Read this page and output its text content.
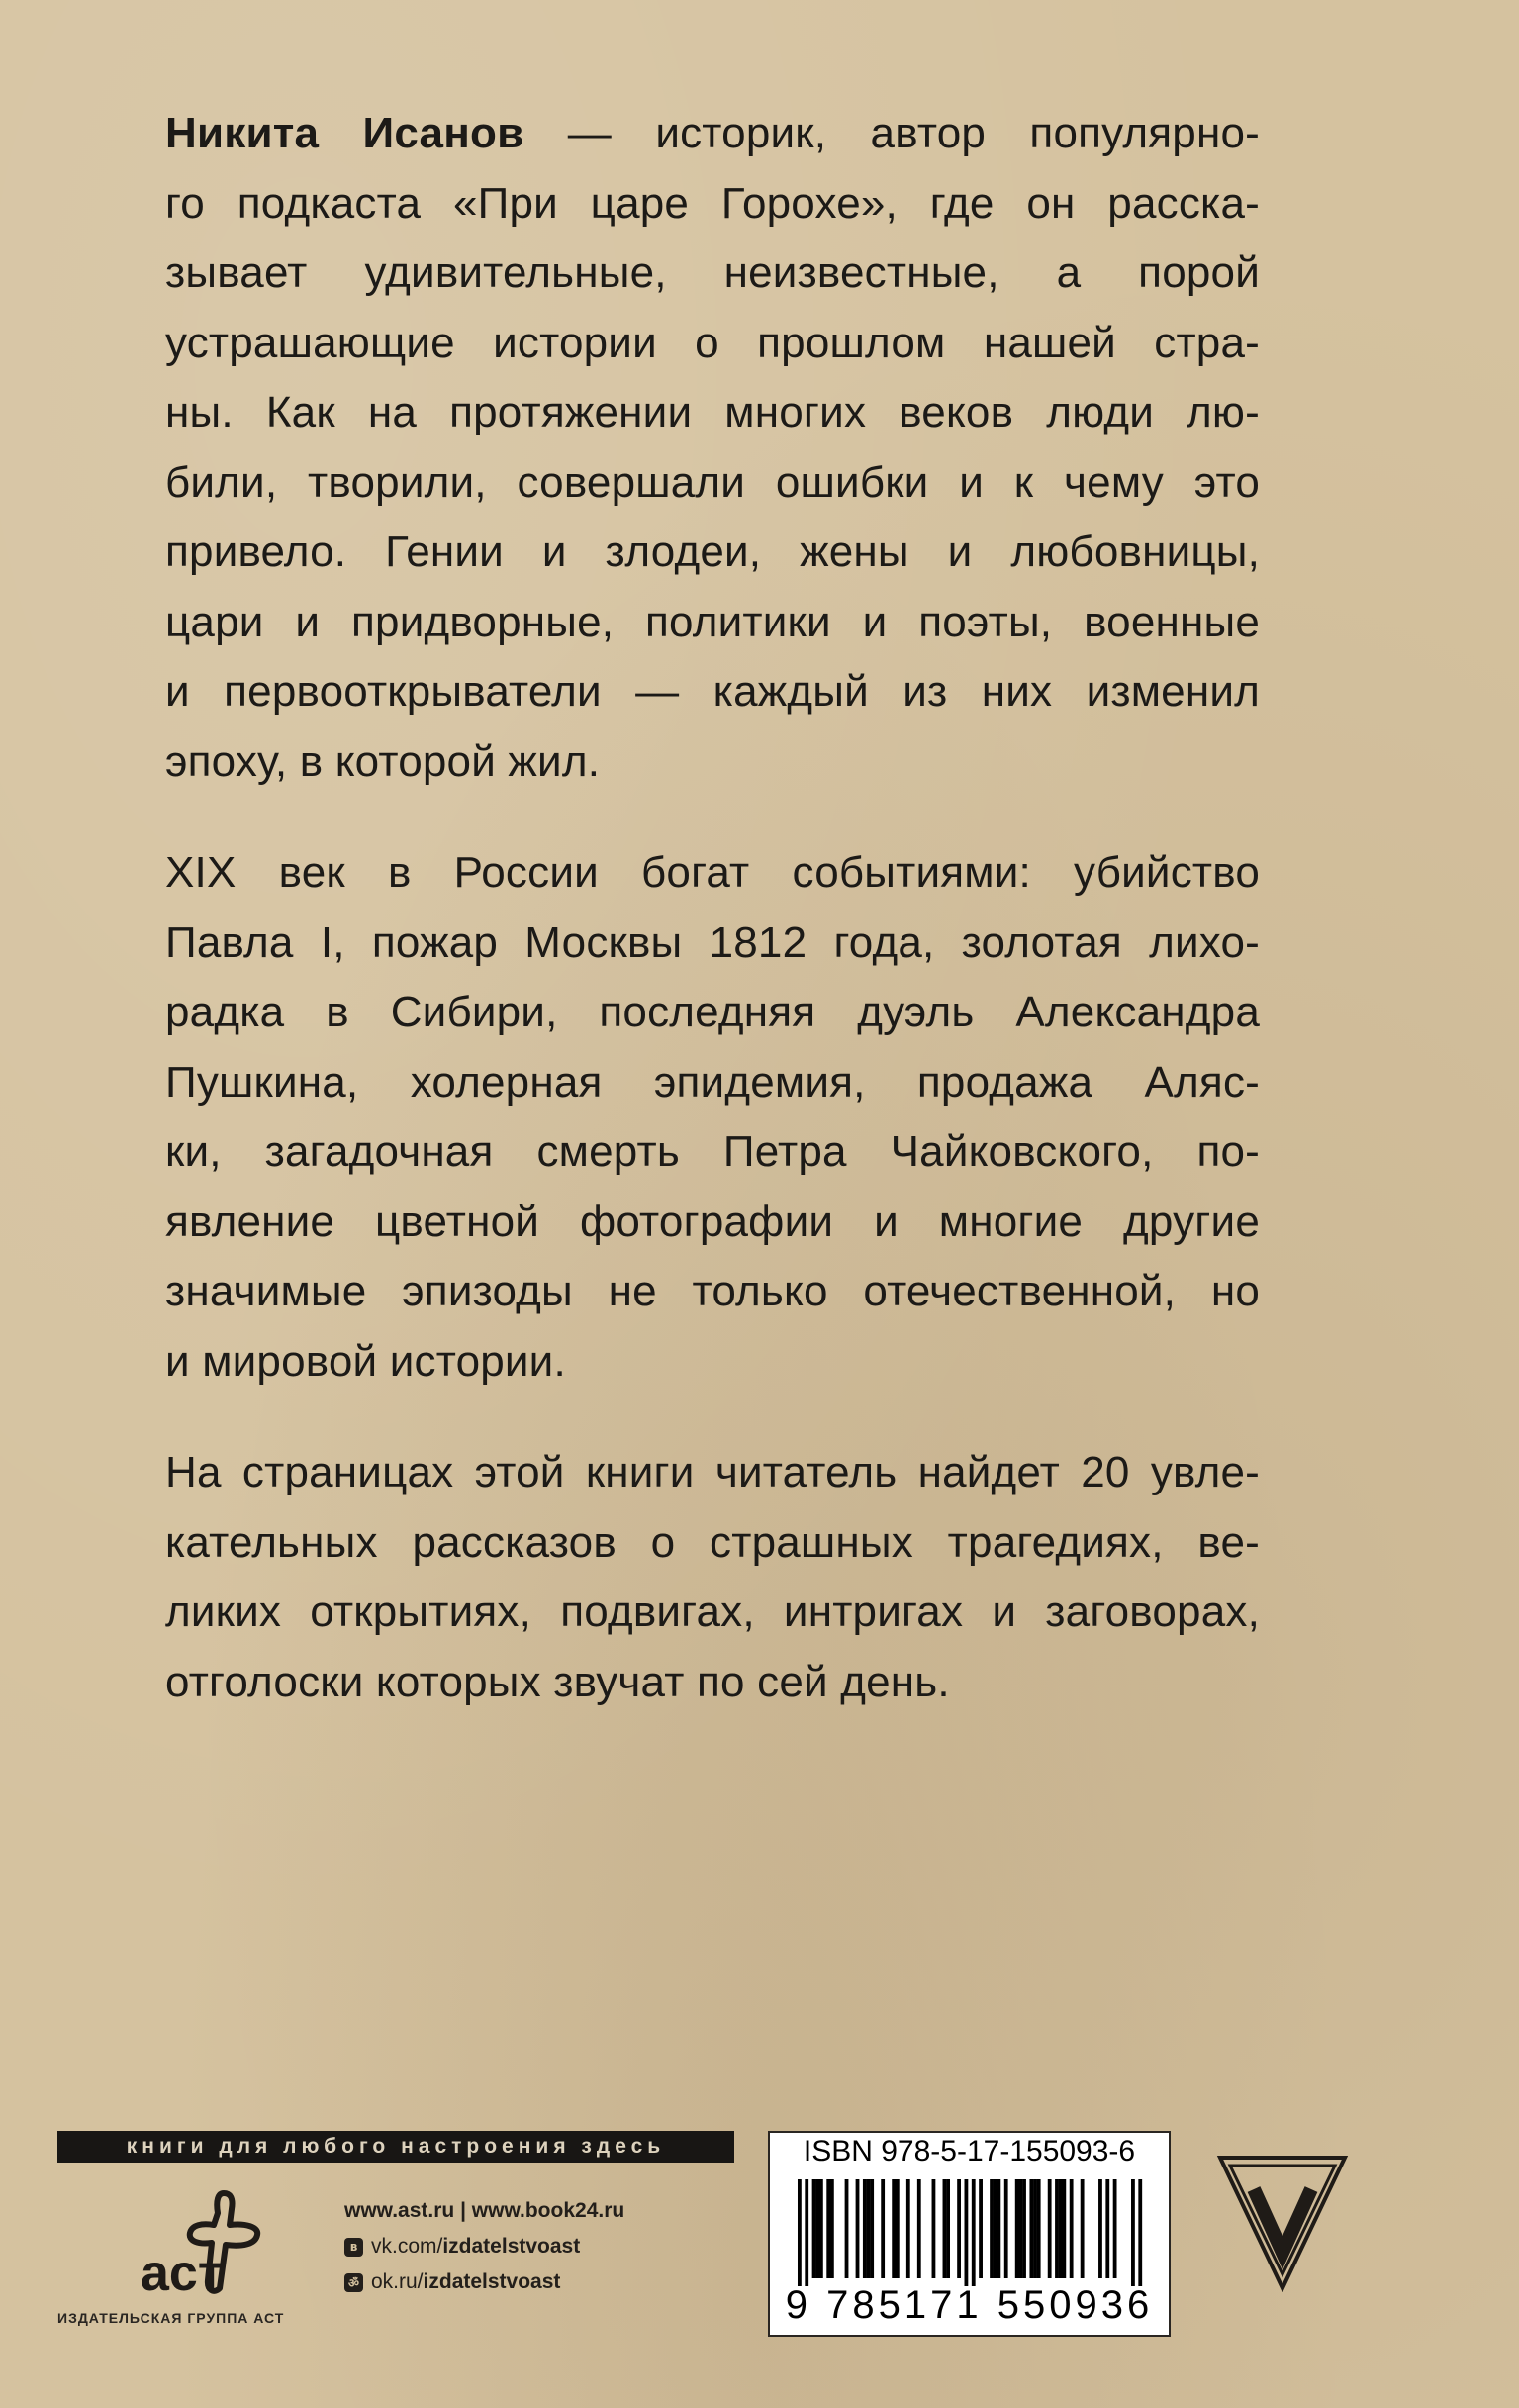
Никита Исанов — историк, автор популярно-
го подкаста «При царе Горохе», где он расска-
зывает удивительные, неизвестные, а порой
устрашающие истории о прошлом нашей стра-
ны. Как на протяжении многих веков люди лю-
били, творили, совершали ошибки и к чему это
привело. Гении и злодеи, жены и любовницы,
цари и придворные, политики и поэты, военные
и первооткрыватели — каждый из них изменил
эпоху, в которой жил.

XIX век в России богат событиями: убийство
Павла I, пожар Москвы 1812 года, золотая лихо-
радка в Сибири, последняя дуэль Александра
Пушкина, холерная эпидемия, продажа Аляс-
ки, загадочная смерть Петра Чайковского, по-
явление цветной фотографии и многие другие
значимые эпизоды не только отечественной, но
и мировой истории.

На страницах этой книги читатель найдет 20 увле-
кательных рассказов о страшных трагедиях, ве-
ликих открытиях, подвигах, интригах и заговорах,
отголоски которых звучат по сей день.

книги для любого настроения здесь
аст
ИЗДАТЕЛЬСКАЯ ГРУППА АСТ
www.ast.ru | www.book24.ru
в vk.com/ izdatelstvoast
ॐ ok.ru/ izdatelstvoast
ISBN 978-5-17-155093-6
9 785171 550936
